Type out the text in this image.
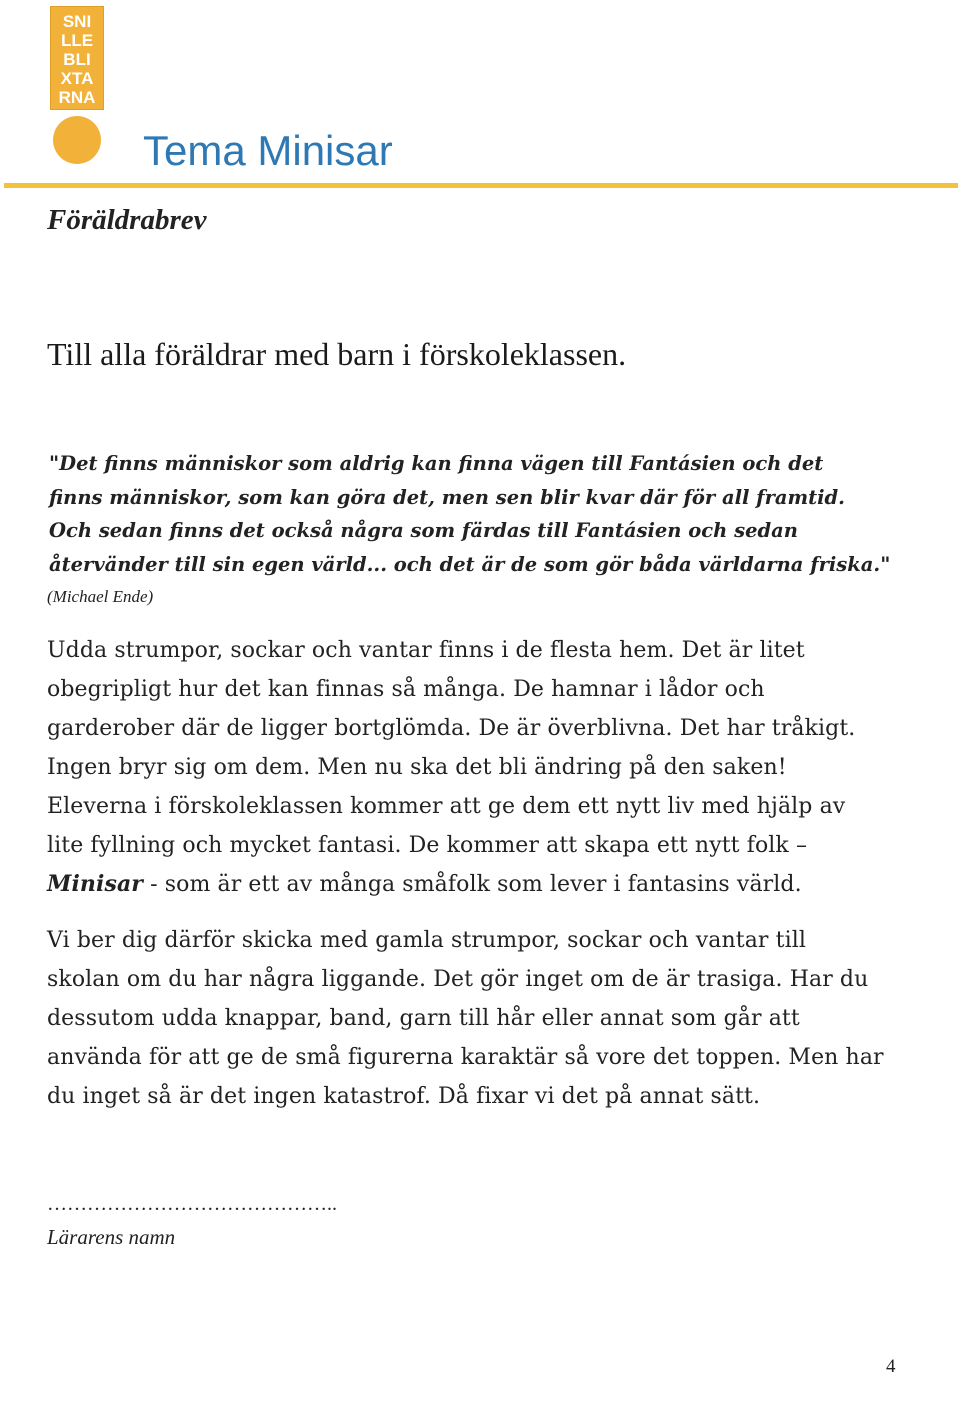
SNI
LLE
BLI
XTA
RNA
Tema Minisar
Föräldrabrev

Till alla föräldrar med barn i förskoleklassen.

"Det finns människor som aldrig kan finna vägen till Fantásien och det
finns människor, som kan göra det, men sen blir kvar där för all framtid.
Och sedan finns det också några som färdas till Fantásien och sedan
återvänder till sin egen värld... och det är de som gör båda världarna friska."

(Michael Ende)

Udda strumpor, sockar och vantar finns i de flesta hem. Det är litet
obegripligt hur det kan finnas så många. De hamnar i lådor och
garderober där de ligger bortglömda. De är överblivna. Det har tråkigt.
Ingen bryr sig om dem. Men nu ska det bli ändring på den saken!
Eleverna i förskoleklassen kommer att ge dem ett nytt liv med hjälp av
lite fyllning och mycket fantasi. De kommer att skapa ett nytt folk –
Minisar - som är ett av många småfolk som lever i fantasins värld.

Vi ber dig därför skicka med gamla strumpor, sockar och vantar till
skolan om du har några liggande. Det gör inget om de är trasiga. Har du
dessutom udda knappar, band, garn till hår eller annat som går att
använda för att ge de små figurerna karaktär så vore det toppen. Men har
du inget så är det ingen katastrof. Då fixar vi det på annat sätt.

……………………………………..
Lärarens namn
4
